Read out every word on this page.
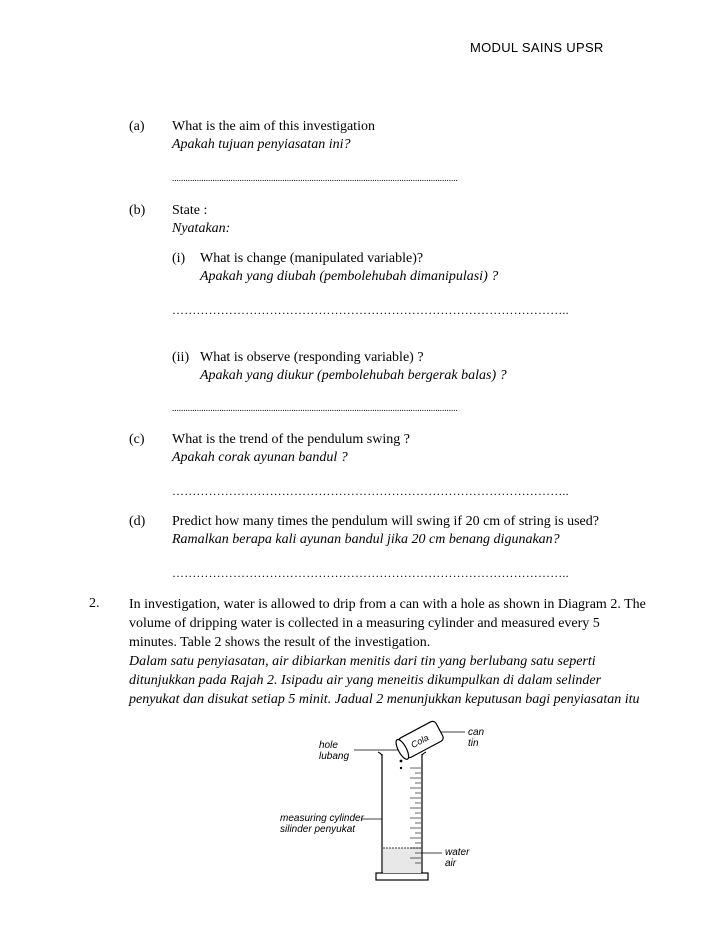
MODUL SAINS UPSR
(a) What is the aim of this investigation
Apakah tujuan penyiasatan ini?
...............................................................................................................................
(b) State :
Nyatakan:
(i) What is change (manipulated variable)?
Apakah yang diubah (pembolehubah dimanipulasi) ?
……………………………………………………………………………………..
(ii) What is observe (responding variable) ?
Apakah yang diukur (pembolehubah bergerak balas) ?
...............................................................................................................................
(c) What is the trend of the pendulum swing ?
Apakah corak ayunan bandul ?
……………………………………………………………………………………..
(d) Predict how many times the pendulum will swing if 20 cm of string is used?
Ramalkan berapa kali ayunan bandul jika 20 cm benang digunakan?
……………………………………………………………………………………..
2. In investigation, water is allowed to drip from a can with a hole as shown in Diagram 2. The volume of dripping water is collected in a measuring cylinder and measured every 5 minutes. Table 2 shows the result of the investigation.

Dalam satu penyiasatan, air dibiarkan menitis dari tin yang berlubang satu seperti ditunjukkan pada Rajah 2. Isipadu air yang meneitis dikumpulkan di dalam selinder penyukat dan disukat setiap 5 minit. Jadual 2 menunjukkan keputusan bagi penyiasatan itu

hole
lubang
can
tin
measuring cylinder
silinder penyukat
water
air
Cola
